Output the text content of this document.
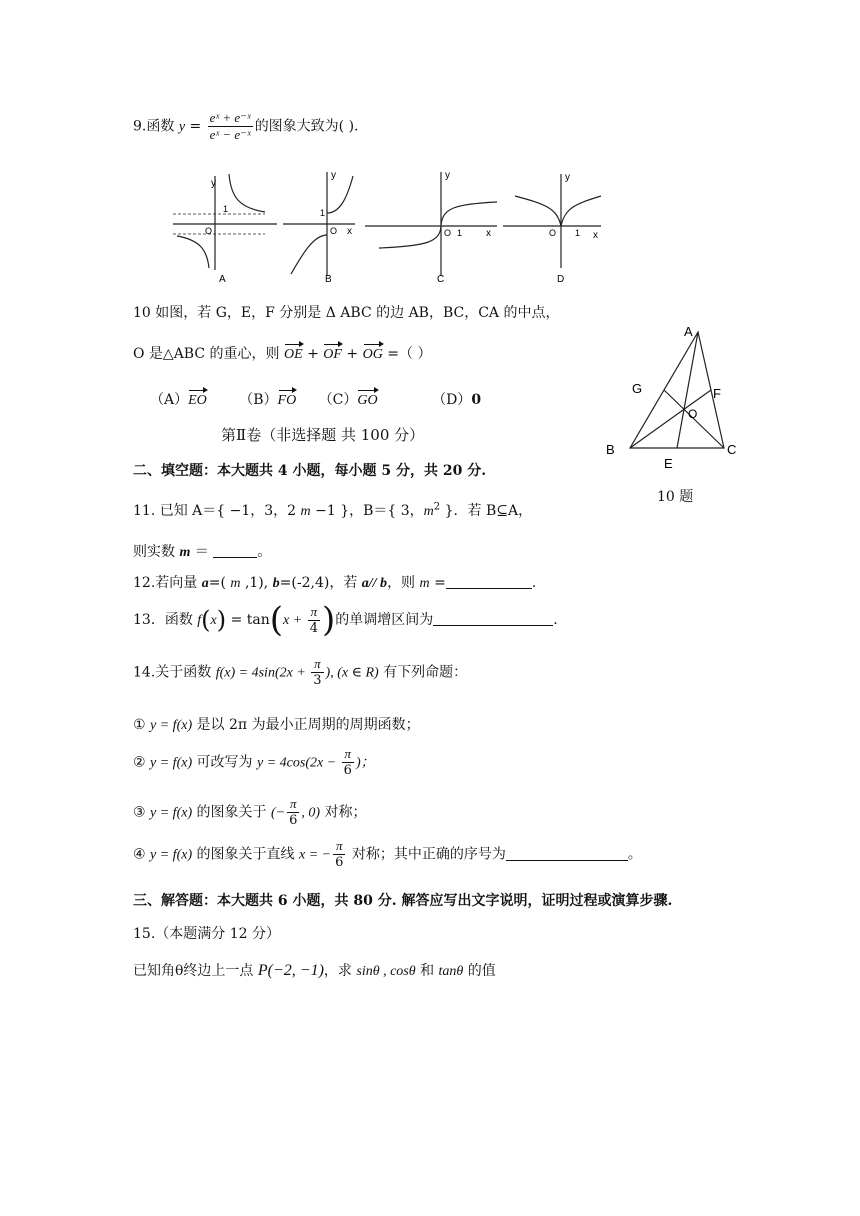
9.函数 $y = \frac{\text{eˣ + e⁻ˣ}}{\text{eˣ − e⁻ˣ}}$ 的图象大致为( ).
y
O
1
A
y
x
O
1
B
y
x
O 1
C
y
x
O 1
D
10 如图，若 G，E，F 分别是 Δ ABC 的边 AB，BC，CA 的中点，
O 是△ABC 的重心，则 OE + OF + OG =（ ）
（A）EO （B）FO （C）GO	（D）0
A
G	F
O
B
E
C
10 题
第Ⅱ卷（非选择题 共 100 分）
二、填空题：本大题共 4 小题，每小题 5 分，共 20 分.
11. 已知 A＝{ −1，3，2 m −1 }，B＝{ 3，$m^2$ }．若 B⊆A，
则实数 m ＝	。
12.若向量 a=( m ,1), b=(-2,4)，若 a// b，则 m =	.
13．函数 $f(x) = \tan(x + \frac{\pi}{4}$ )的单调增区间为	.
14.关于函数 $f(x) = 4\sin(2x + \frac{\pi}{3}$ ), (x ∈ R) 有下列命题：
① y = f(x) 是以 2π 为最小正周期的周期函数；
② y = f(x) 可改写为 $y = 4\cos(2x - \frac{\pi}{6}$ )；
③ y = f(x) 的图象关于 (− $\frac{\pi}{6}$ , 0) 对称；
④ y = f(x) 的图象关于直线 x = − $\frac{\pi}{6}$ 对称；其中正确的序号为	。
三、解答题：本大题共 6 小题，共 80 分. 解答应写出文字说明，证明过程或演算步骤.
15.（本题满分 12 分）
已知角θ终边上一点 P(−2, −1)，求 sinθ , cosθ 和 tanθ 的值
